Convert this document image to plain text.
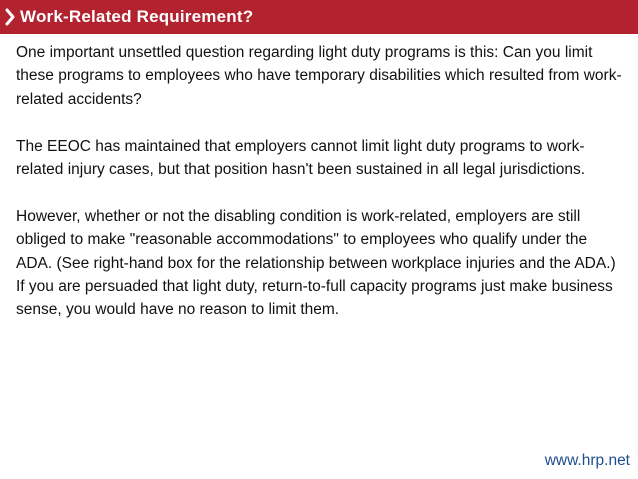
Work-Related Requirement?

One important unsettled question regarding light duty programs is this: Can you limit these programs to employees who have temporary disabilities which resulted from work-related accidents?

The EEOC has maintained that employers cannot limit light duty programs to work-related injury cases, but that position hasn't been sustained in all legal jurisdictions.

However, whether or not the disabling condition is work-related, employers are still obliged to make "reasonable accommodations" to employees who qualify under the ADA. (See right-hand box for the relationship between workplace injuries and the ADA.) If you are persuaded that light duty, return-to-full capacity programs just make business sense, you would have no reason to limit them.

www.hrp.net
